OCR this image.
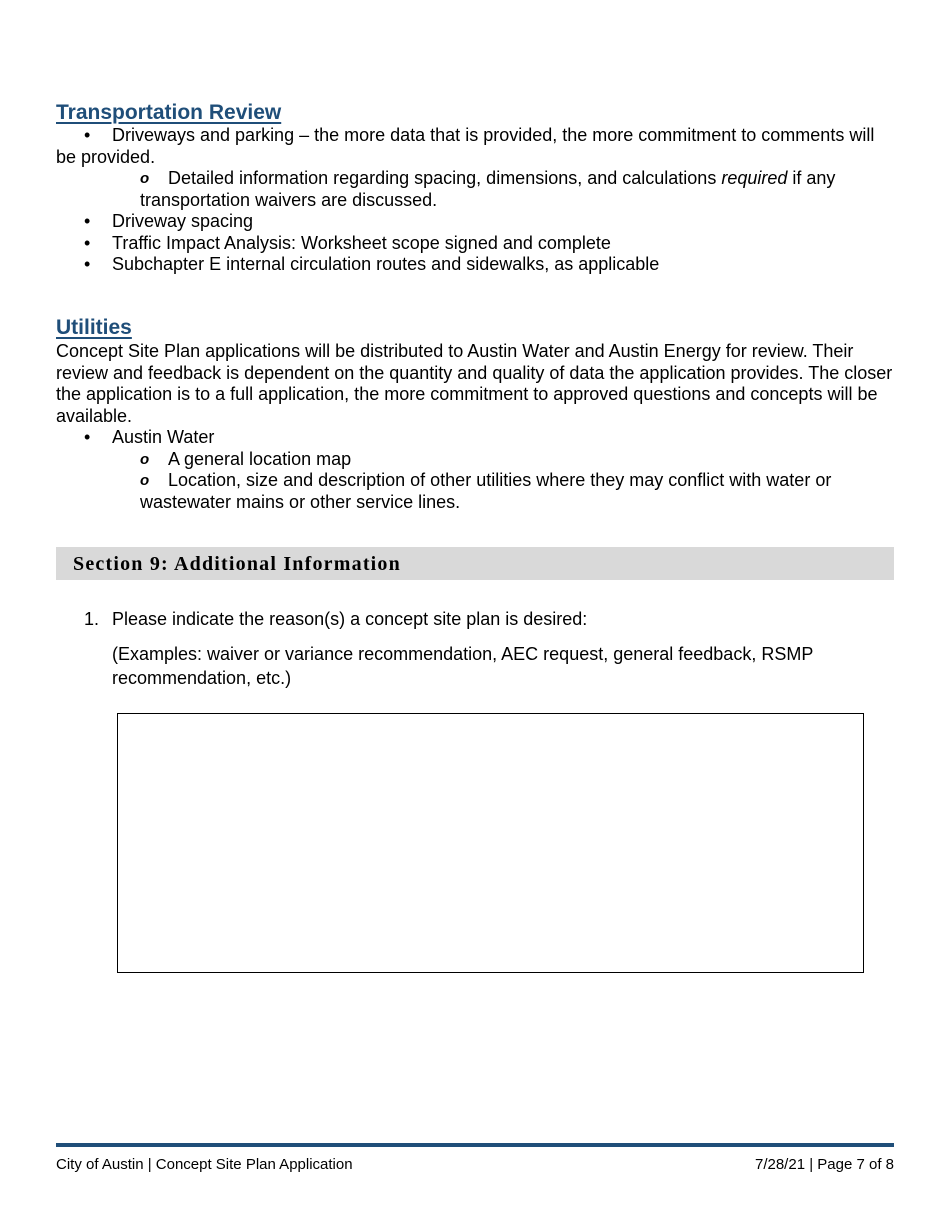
Transportation Review
•	Driveways and parking – the more data that is provided, the more commitment to comments will be provided.

o	Detailed information regarding spacing, dimensions, and calculations required if any transportation waivers are discussed.

•	Driveway spacing

•	Traffic Impact Analysis: Worksheet scope signed and complete

•	Subchapter E internal circulation routes and sidewalks, as applicable

Utilities

Concept Site Plan applications will be distributed to Austin Water and Austin Energy for review. Their review and feedback is dependent on the quantity and quality of data the application provides. The closer the application is to a full application, the more commitment to approved questions and concepts will be available.

•	Austin Water

o	A general location map

o	Location, size and description of other utilities where they may conflict with water or wastewater mains or other service lines.

Section 9: Additional Information
1. Please indicate the reason(s) a concept site plan is desired:

(Examples: waiver or variance recommendation, AEC request, general feedback, RSMP recommendation, etc.)

City of Austin | Concept Site Plan Application	7/28/21 | Page 7 of 8
